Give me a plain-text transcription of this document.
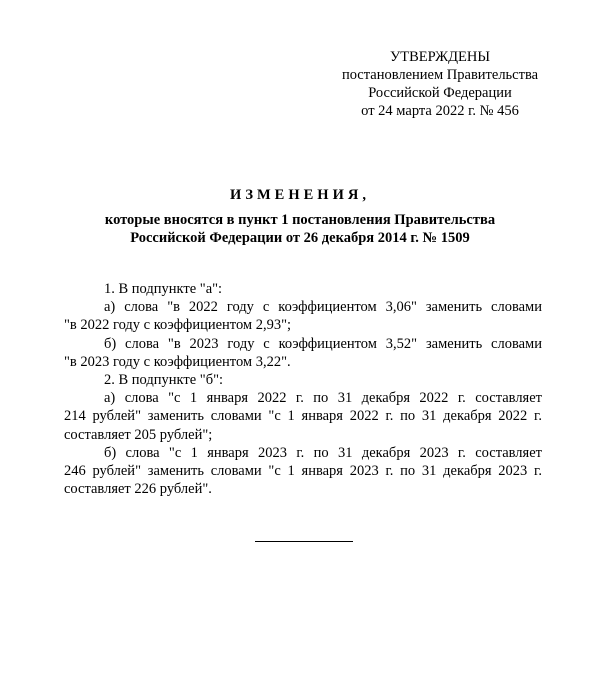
УТВЕРЖДЕНЫ
постановлением Правительства
Российской Федерации
от 24 марта 2022 г. № 456
ИЗМЕНЕНИЯ,
которые вносятся в пункт 1 постановления Правительства
Российской Федерации от 26 декабря 2014 г. № 1509
1. В подпункте "а":
а) слова "в 2022 году с коэффициентом 3,06" заменить словами
"в 2022 году с коэффициентом 2,93";
б) слова "в 2023 году с коэффициентом 3,52" заменить словами
"в 2023 году с коэффициентом 3,22".
2. В подпункте "б":
а) слова "с 1 января 2022 г. по 31 декабря 2022 г. составляет
214 рублей" заменить словами "с 1 января 2022 г. по 31 декабря 2022 г.
составляет 205 рублей";
б) слова "с 1 января 2023 г. по 31 декабря 2023 г. составляет
246 рублей" заменить словами "с 1 января 2023 г. по 31 декабря 2023 г.
составляет 226 рублей".
